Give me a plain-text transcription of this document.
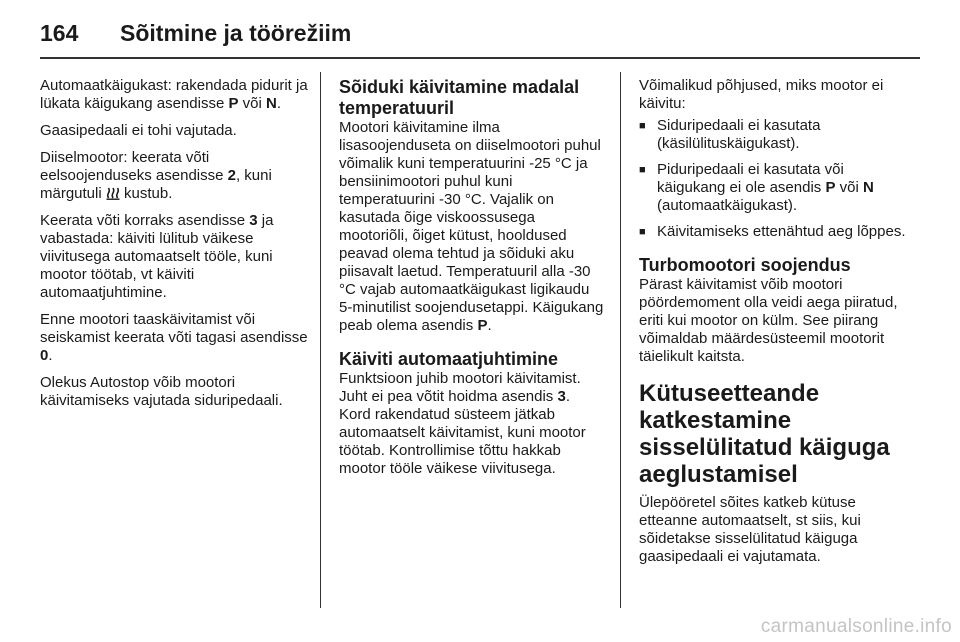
164 Sõitmine ja töörežiim

Automaatkäigukast: rakendada pidurit ja lükata käigukang asendisse P või N.

Gaasipedaali ei tohi vajutada.

Diiselmootor: keerata võti eelsoojenduseks asendisse 2, kuni märgutuli  kustub.

Keerata võti korraks asendisse 3 ja vabastada: käiviti lülitub väikese viivitusega automaatselt tööle, kuni mootor töötab, vt käiviti automaatjuhtimine.

Enne mootori taaskäivitamist või seiskamist keerata võti tagasi asendisse 0.

Olekus Autostop võib mootori käivitamiseks vajutada siduripedaali.

Sõiduki käivitamine madalal temperatuuril

Mootori käivitamine ilma lisasoojenduseta on diiselmootori puhul võimalik kuni temperatuurini -25 °C ja bensiinimootori puhul kuni temperatuurini -30 °C. Vajalik on kasutada õige viskoossusega mootoriõli, õiget kütust, hooldused peavad olema tehtud ja sõiduki aku piisavalt laetud. Temperatuuril alla -30 °C vajab automaatkäigukast ligikaudu 5-minutilist soojendusetappi. Käigukang peab olema asendis P.

Käiviti automaatjuhtimine

Funktsioon juhib mootori käivitamist. Juht ei pea võtit hoidma asendis 3. Kord rakendatud süsteem jätkab automaatselt käivitamist, kuni mootor töötab. Kontrollimise tõttu hakkab mootor tööle väikese viivitusega.

Võimalikud põhjused, miks mootor ei käivitu:

■ Siduripedaali ei kasutata (käsilülituskäigukast).
■ Piduripedaali ei kasutata või käigukang ei ole asendis P või N (automaatkäigukast).
■ Käivitamiseks ettenähtud aeg lõppes.
Turbomootori soojendus

Pärast käivitamist võib mootori pöördemoment olla veidi aega piiratud, eriti kui mootor on külm. See piirang võimaldab määrdesüsteemil mootorit täielikult kaitsta.

Kütuseetteande katkestamine sisselülitatud käiguga aeglustamisel

Ülepööretel sõites katkeb kütuse etteanne automaatselt, st siis, kui sõidetakse sisselülitatud käiguga gaasipedaali ei vajutamata.

carmanualsonline.info
